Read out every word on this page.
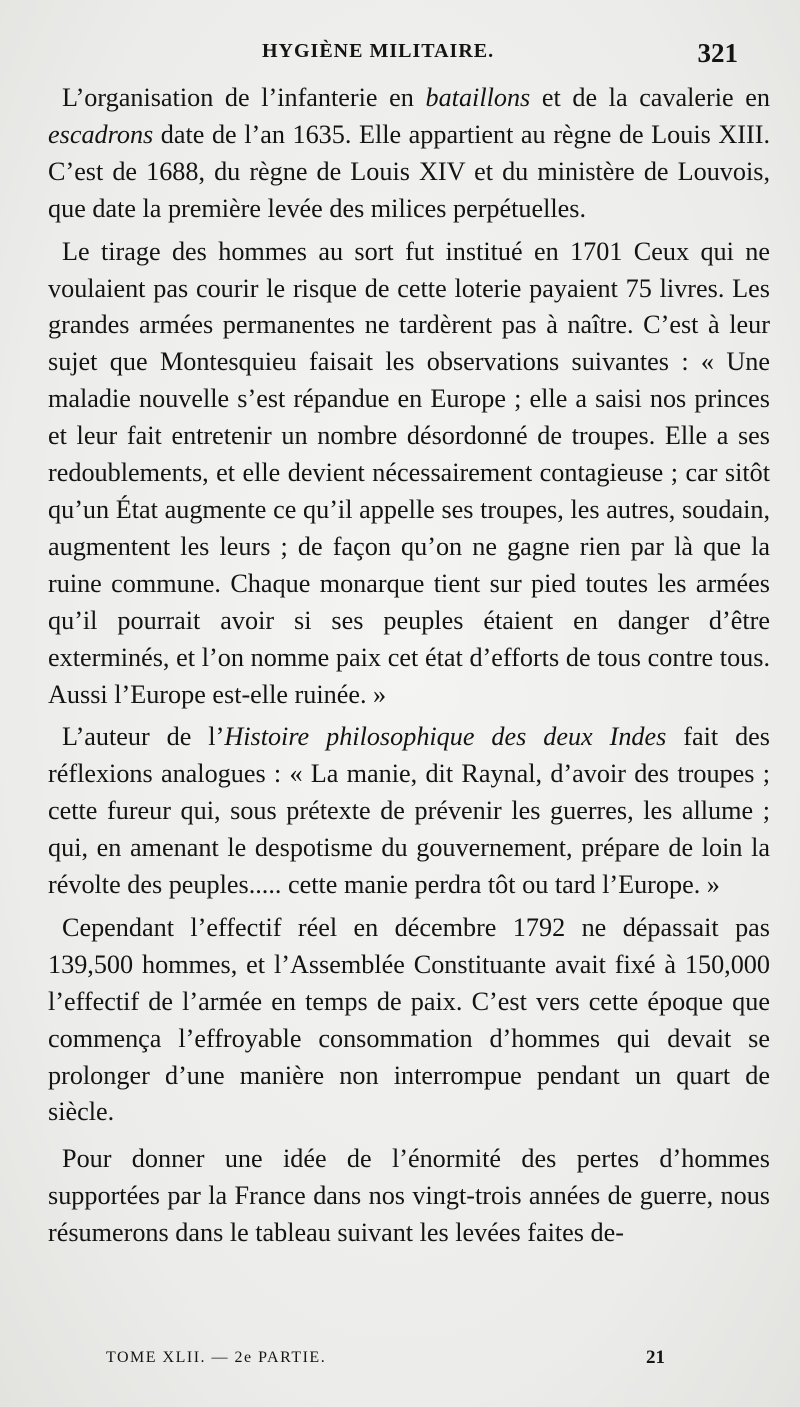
HYGIÈNE MILITAIRE.	321

L’organisation de l’infanterie en bataillons et de la cavalerie en escadrons date de l’an 1635. Elle appartient au règne de Louis XIII. C’est de 1688, du règne de Louis XIV et du ministère de Louvois, que date la première levée des milices perpétuelles.

Le tirage des hommes au sort fut institué en 1701 Ceux qui ne voulaient pas courir le risque de cette loterie payaient 75 livres. Les grandes armées permanentes ne tardèrent pas à naître. C’est à leur sujet que Montesquieu faisait les observations suivantes : « Une maladie nouvelle s’est répandue en Europe ; elle a saisi nos princes et leur fait entretenir un nombre désordonné de troupes. Elle a ses redoublements, et elle devient nécessairement contagieuse ; car sitôt qu’un État augmente ce qu’il appelle ses troupes, les autres, soudain, augmentent les leurs ; de façon qu’on ne gagne rien par là que la ruine commune. Chaque monarque tient sur pied toutes les armées qu’il pourrait avoir si ses peuples étaient en danger d’être exterminés, et l’on nomme paix cet état d’efforts de tous contre tous. Aussi l’Europe est-elle ruinée. »

L’auteur de l’Histoire philosophique des deux Indes fait des réflexions analogues : « La manie, dit Raynal, d’avoir des troupes ; cette fureur qui, sous prétexte de prévenir les guerres, les allume ; qui, en amenant le despotisme du gouvernement, prépare de loin la révolte des peuples..... cette manie perdra tôt ou tard l’Europe. »

Cependant l’effectif réel en décembre 1792 ne dépassait pas 139,500 hommes, et l’Assemblée Constituante avait fixé à 150,000 l’effectif de l’armée en temps de paix. C’est vers cette époque que commença l’effroyable consommation d’hommes qui devait se prolonger d’une manière non interrompue pendant un quart de siècle.

Pour donner une idée de l’énormité des pertes d’hommes supportées par la France dans nos vingt-trois années de guerre, nous résumerons dans le tableau suivant les levées faites de-

TOME XLII. — 2e PARTIE.	21
